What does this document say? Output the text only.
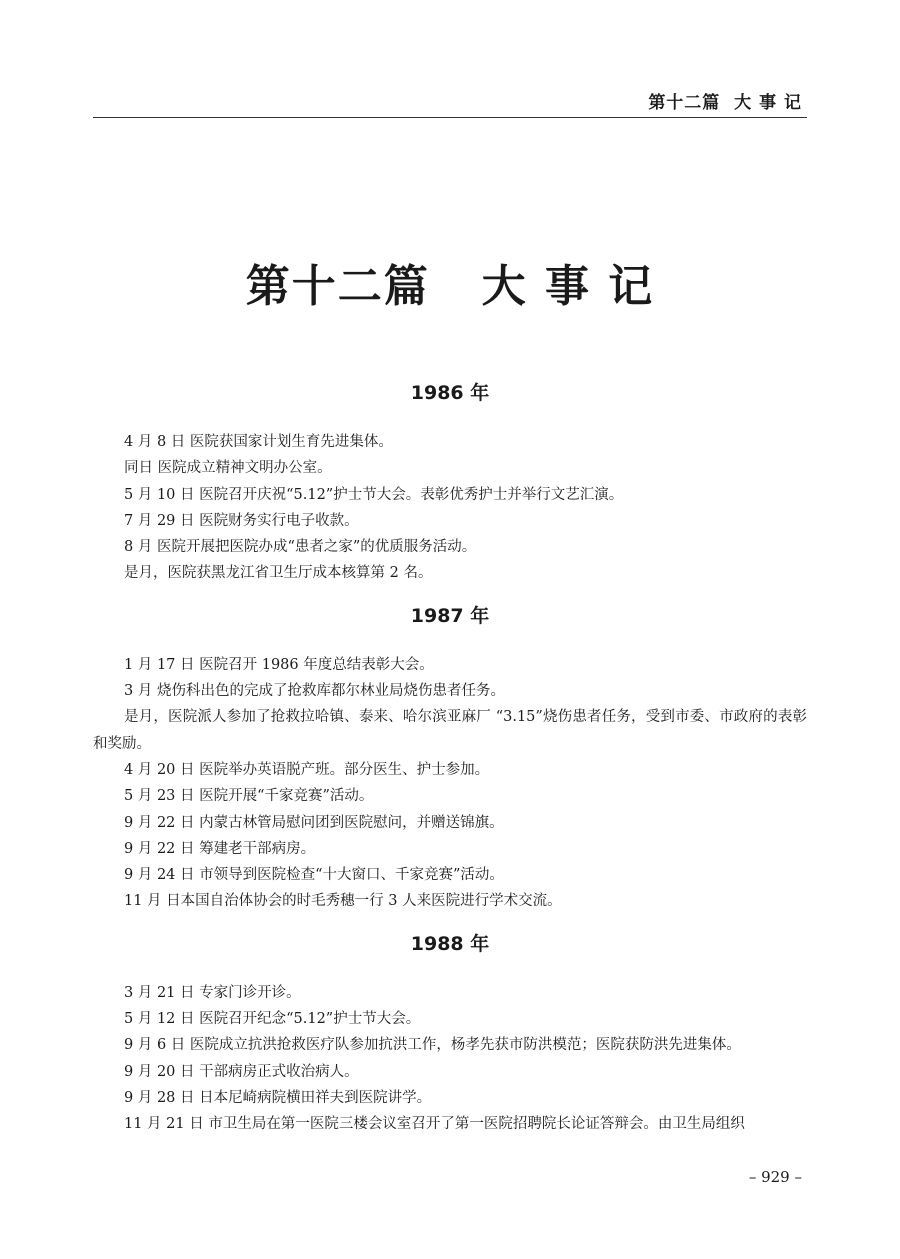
第十二篇  大 事 记
第十二篇   大 事 记
1986 年

4 月 8 日 医院获国家计划生育先进集体。

同日 医院成立精神文明办公室。

5 月 10 日 医院召开庆祝“5.12”护士节大会。表彰优秀护士并举行文艺汇演。

7 月 29 日 医院财务实行电子收款。

8 月 医院开展把医院办成“患者之家”的优质服务活动。

是月，医院获黑龙江省卫生厅成本核算第 2 名。

1987 年

1 月 17 日 医院召开 1986 年度总结表彰大会。

3 月 烧伤科出色的完成了抢救库都尔林业局烧伤患者任务。

是月，医院派人参加了抢救拉哈镇、泰来、哈尔滨亚麻厂 “3.15”烧伤患者任务，受到市委、市政府的表彰和奖励。

4 月 20 日 医院举办英语脱产班。部分医生、护士参加。

5 月 23 日 医院开展“千家竞赛”活动。

9 月 22 日 内蒙古林管局慰问团到医院慰问，并赠送锦旗。

9 月 22 日 筹建老干部病房。

9 月 24 日 市领导到医院检查“十大窗口、千家竞赛”活动。

11 月 日本国自治体协会的时毛秀穗一行 3 人来医院进行学术交流。

1988 年

3 月 21 日 专家门诊开诊。

5 月 12 日 医院召开纪念“5.12”护士节大会。

9 月 6 日 医院成立抗洪抢救医疗队参加抗洪工作，杨孝先获市防洪模范；医院获防洪先进集体。

9 月 20 日 干部病房正式收治病人。

9 月 28 日 日本尼崎病院横田祥夫到医院讲学。

11 月 21 日 市卫生局在第一医院三楼会议室召开了第一医院招聘院长论证答辩会。由卫生局组织

– 929 –
